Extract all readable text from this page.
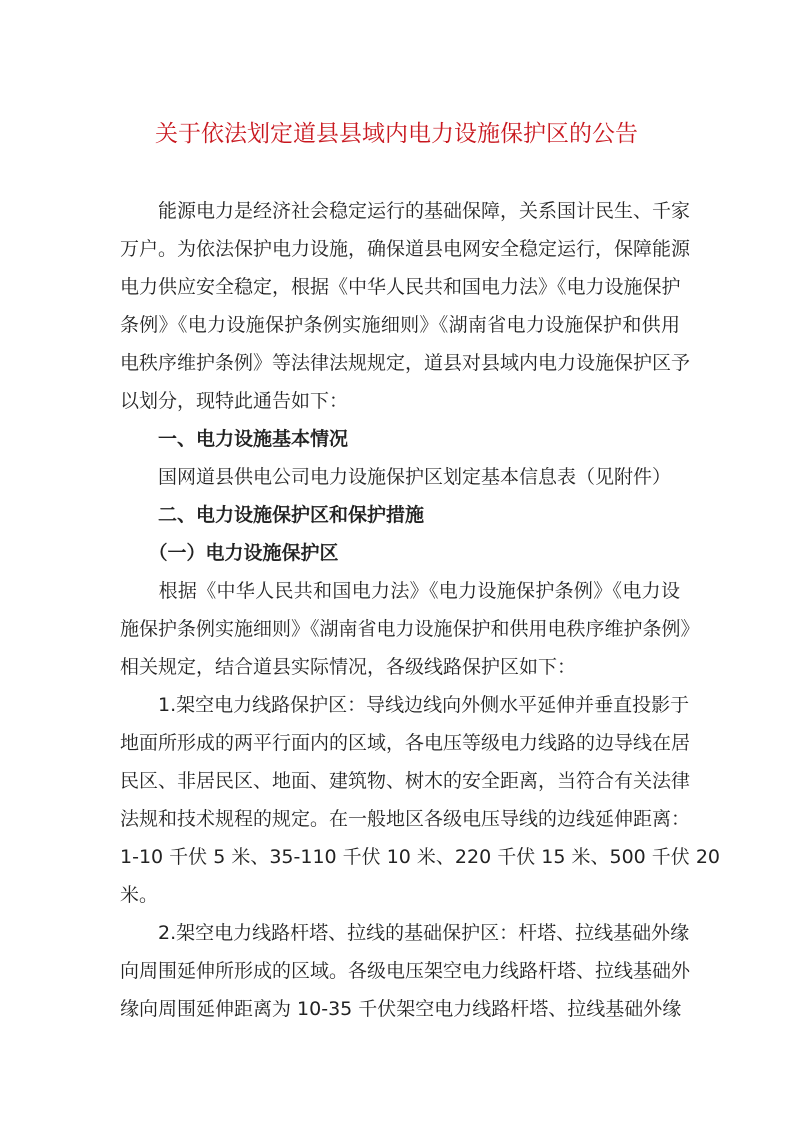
关于依法划定道县县域内电力设施保护区的公告
　　能源电力是经济社会稳定运行的基础保障，关系国计民生、千家
万户。为依法保护电力设施，确保道县电网安全稳定运行，保障能源
电力供应安全稳定，根据《中华人民共和国电力法》《电力设施保护
条例》《电力设施保护条例实施细则》《湖南省电力设施保护和供用
电秩序维护条例》等法律法规规定，道县对县域内电力设施保护区予
以划分，现特此通告如下：
　　一、电力设施基本情况
　　国网道县供电公司电力设施保护区划定基本信息表（见附件）
　　二、电力设施保护区和保护措施
　　（一）电力设施保护区
　　根据《中华人民共和国电力法》《电力设施保护条例》《电力设
施保护条例实施细则》《湖南省电力设施保护和供用电秩序维护条例》
相关规定，结合道县实际情况，各级线路保护区如下：
　　1.架空电力线路保护区：导线边线向外侧水平延伸并垂直投影于
地面所形成的两平行面内的区域，各电压等级电力线路的边导线在居
民区、非居民区、地面、建筑物、树木的安全距离，当符合有关法律
法规和技术规程的规定。在一般地区各级电压导线的边线延伸距离：
1-10 千伏 5 米、35-110 千伏 10 米、220 千伏 15 米、500 千伏 20
米。
　　2.架空电力线路杆塔、拉线的基础保护区：杆塔、拉线基础外缘
向周围延伸所形成的区域。各级电压架空电力线路杆塔、拉线基础外
缘向周围延伸距离为 10-35 千伏架空电力线路杆塔、拉线基础外缘
